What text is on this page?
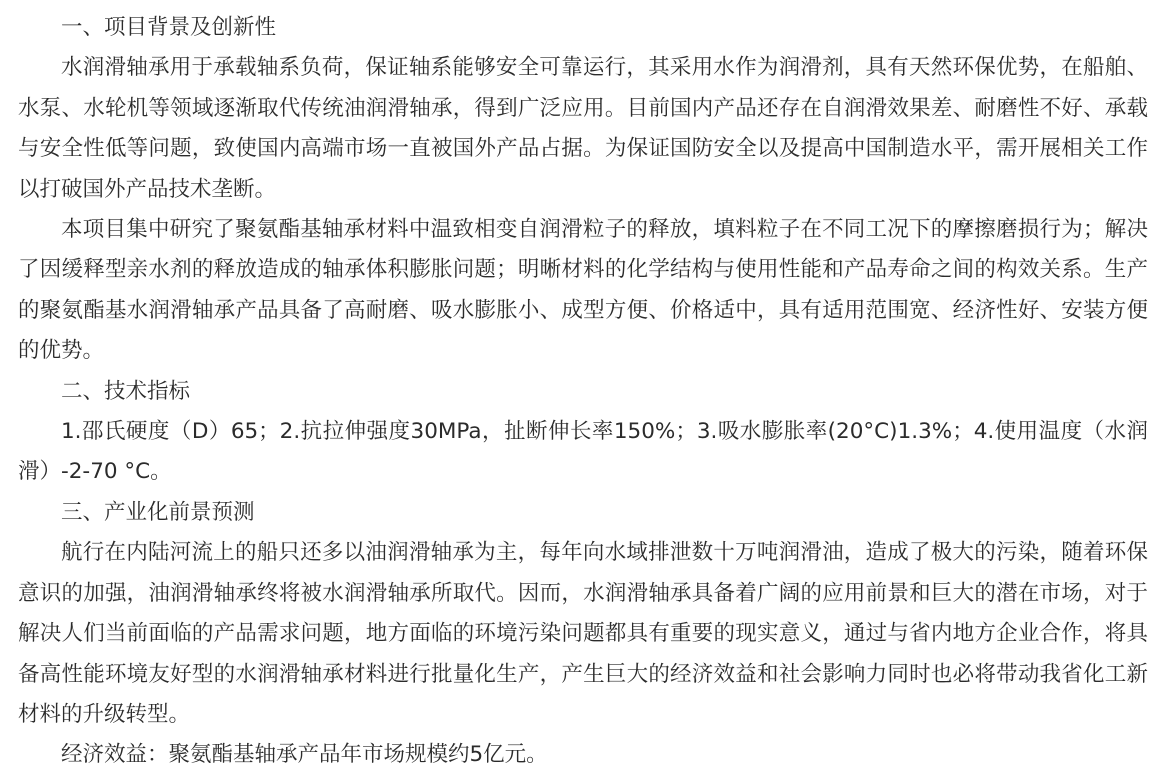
一、项目背景及创新性

水润滑轴承用于承载轴系负荷，保证轴系能够安全可靠运行，其采用水作为润滑剂，具有天然环保优势，在船舶、水泵、水轮机等领域逐渐取代传统油润滑轴承，得到广泛应用。目前国内产品还存在自润滑效果差、耐磨性不好、承载与安全性低等问题，致使国内高端市场一直被国外产品占据。为保证国防安全以及提高中国制造水平，需开展相关工作以打破国外产品技术垄断。

本项目集中研究了聚氨酯基轴承材料中温致相变自润滑粒子的释放，填料粒子在不同工况下的摩擦磨损行为；解决了因缓释型亲水剂的释放造成的轴承体积膨胀问题；明晰材料的化学结构与使用性能和产品寿命之间的构效关系。生产的聚氨酯基水润滑轴承产品具备了高耐磨、吸水膨胀小、成型方便、价格适中，具有适用范围宽、经济性好、安装方便的优势。

二、技术指标

1.邵氏硬度（D）65；2.抗拉伸强度30MPa，扯断伸长率150%；3.吸水膨胀率(20°C)1.3%；4.使用温度（水润滑）-2-70 °C。

三、产业化前景预测

航行在内陆河流上的船只还多以油润滑轴承为主，每年向水域排泄数十万吨润滑油，造成了极大的污染，随着环保意识的加强，油润滑轴承终将被水润滑轴承所取代。因而，水润滑轴承具备着广阔的应用前景和巨大的潜在市场，对于解决人们当前面临的产品需求问题，地方面临的环境污染问题都具有重要的现实意义，通过与省内地方企业合作，将具备高性能环境友好型的水润滑轴承材料进行批量化生产，产生巨大的经济效益和社会影响力同时也必将带动我省化工新材料的升级转型。

经济效益：聚氨酯基轴承产品年市场规模约5亿元。
